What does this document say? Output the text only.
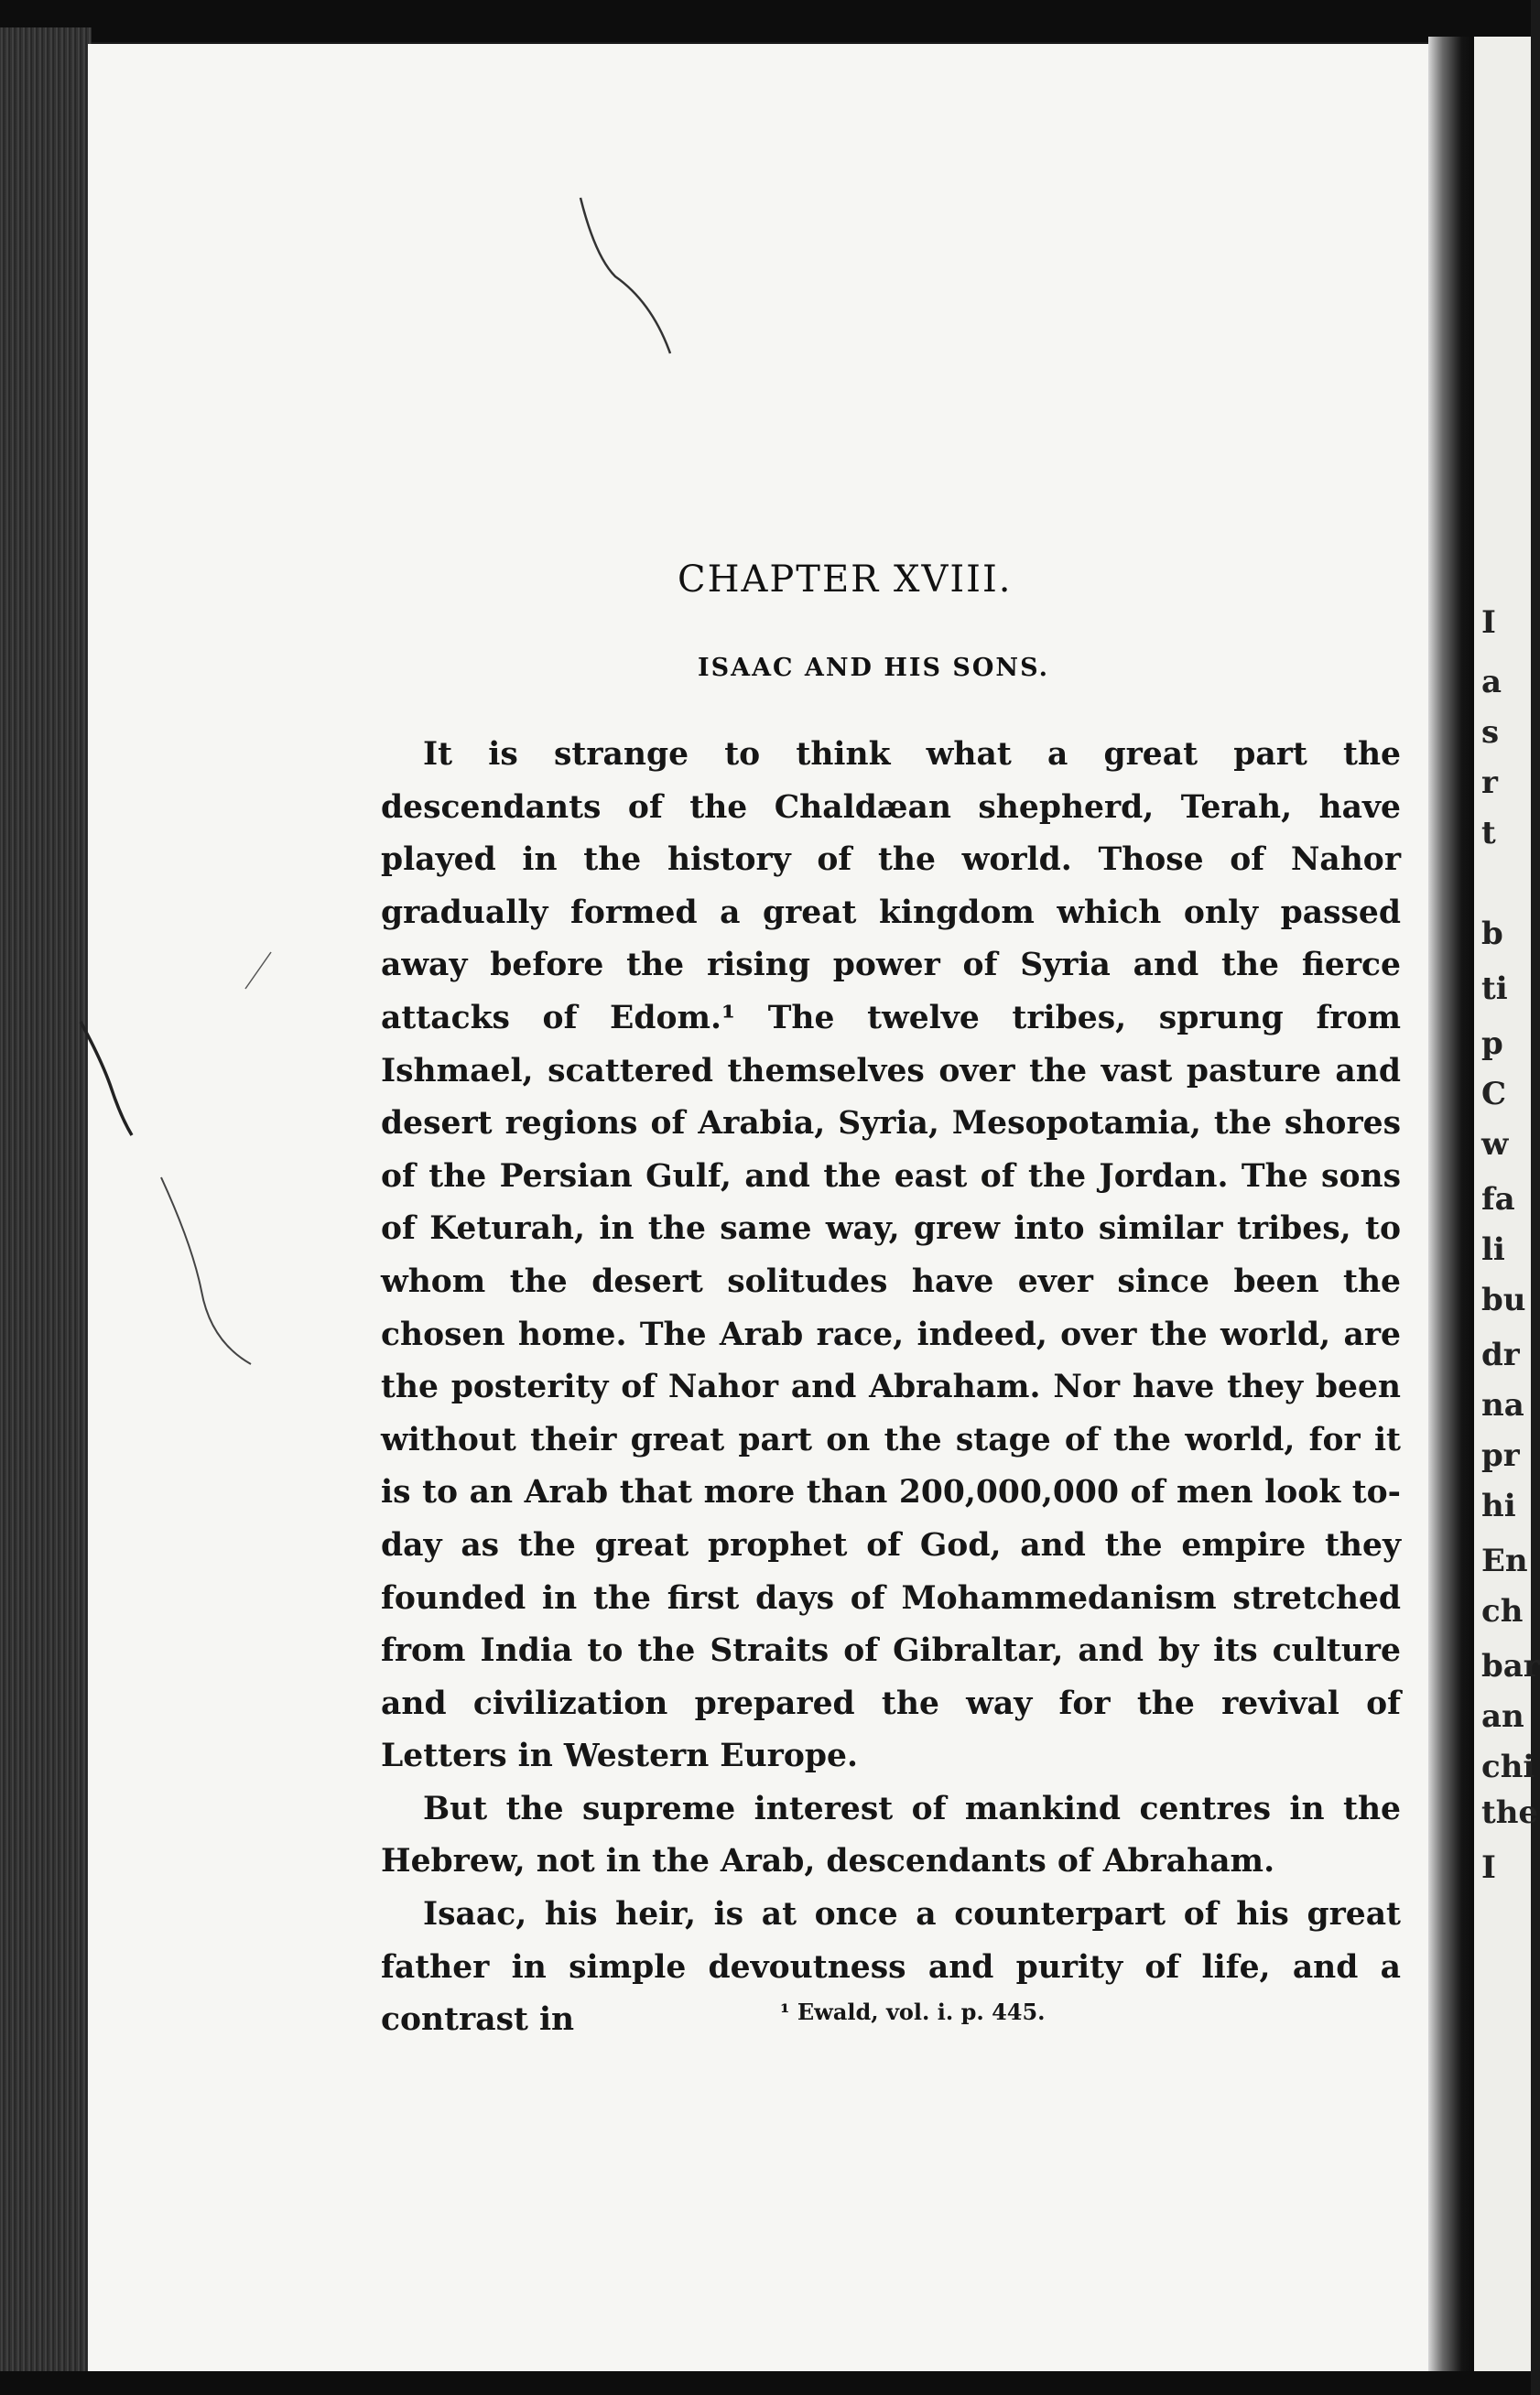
I
a
s
r
t
b
ti
p
C
w
fa
li
bu
dr
na
pr
hi
En
ch
bar
an
chi
the
I
CHAPTER XVIII.
ISAAC AND HIS SONS.

It is strange to think what a great part the descendants of the Chaldæan shepherd, Terah, have played in the history of the world. Those of Nahor gradually formed a great kingdom which only passed away before the rising power of Syria and the fierce attacks of Edom.¹ The twelve tribes, sprung from Ishmael, scattered themselves over the vast pasture and desert regions of Arabia, Syria, Mesopotamia, the shores of the Persian Gulf, and the east of the Jordan. The sons of Keturah, in the same way, grew into similar tribes, to whom the desert solitudes have ever since been the chosen home. The Arab race, indeed, over the world, are the posterity of Nahor and Abraham. Nor have they been without their great part on the stage of the world, for it is to an Arab that more than 200,000,000 of men look to-day as the great prophet of God, and the empire they founded in the first days of Mohammedanism stretched from India to the Straits of Gibraltar, and by its culture and civilization prepared the way for the revival of Letters in Western Europe.

But the supreme interest of mankind centres in the Hebrew, not in the Arab, descendants of Abraham.

Isaac, his heir, is at once a counterpart of his great father in simple devoutness and purity of life, and a contrast in	¹ Ewald, vol. i. p. 445.
